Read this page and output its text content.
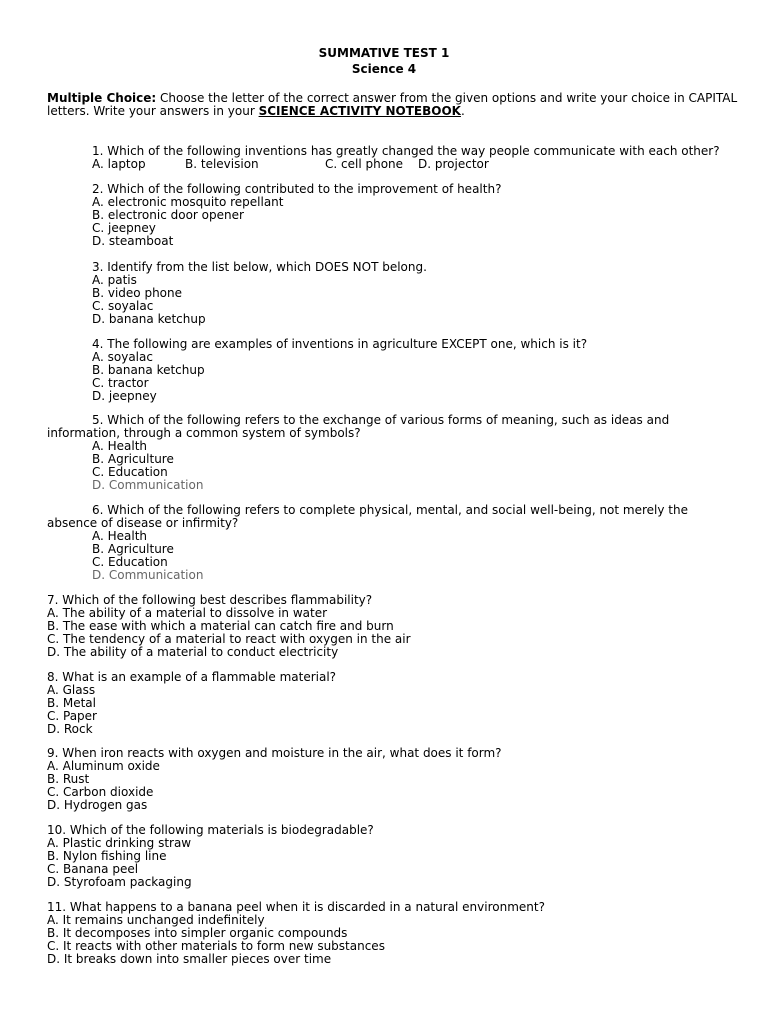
SUMMATIVE TEST 1
Science 4
Multiple Choice: Choose the letter of the correct answer from the given options and write your choice in CAPITAL letters. Write your answers in your SCIENCE ACTIVITY NOTEBOOK.
1. Which of the following inventions has greatly changed the way people communicate with each other?
A. laptop	B. television	C. cell phone D. projector
2. Which of the following contributed to the improvement of health?
A. electronic mosquito repellant
B. electronic door opener
C. jeepney
D. steamboat
3. Identify from the list below, which DOES NOT belong.
A. patis
B. video phone
C. soyalac
D. banana ketchup
4. The following are examples of inventions in agriculture EXCEPT one, which is it?
A. soyalac
B. banana ketchup
C. tractor
D. jeepney
5. Which of the following refers to the exchange of various forms of meaning, such as ideas and information, through a common system of symbols?
A. Health
B. Agriculture
C. Education
D. Communication
6. Which of the following refers to complete physical, mental, and social well-being, not merely the absence of disease or infirmity?
A. Health
B. Agriculture
C. Education
D. Communication
7. Which of the following best describes flammability?
A. The ability of a material to dissolve in water
B. The ease with which a material can catch fire and burn
C. The tendency of a material to react with oxygen in the air
D. The ability of a material to conduct electricity
8. What is an example of a flammable material?
A. Glass
B. Metal
C. Paper
D. Rock
9. When iron reacts with oxygen and moisture in the air, what does it form?
A. Aluminum oxide
B. Rust
C. Carbon dioxide
D. Hydrogen gas
10. Which of the following materials is biodegradable?
A. Plastic drinking straw
B. Nylon fishing line
C. Banana peel
D. Styrofoam packaging
11. What happens to a banana peel when it is discarded in a natural environment?
A. It remains unchanged indefinitely
B. It decomposes into simpler organic compounds
C. It reacts with other materials to form new substances
D. It breaks down into smaller pieces over time
